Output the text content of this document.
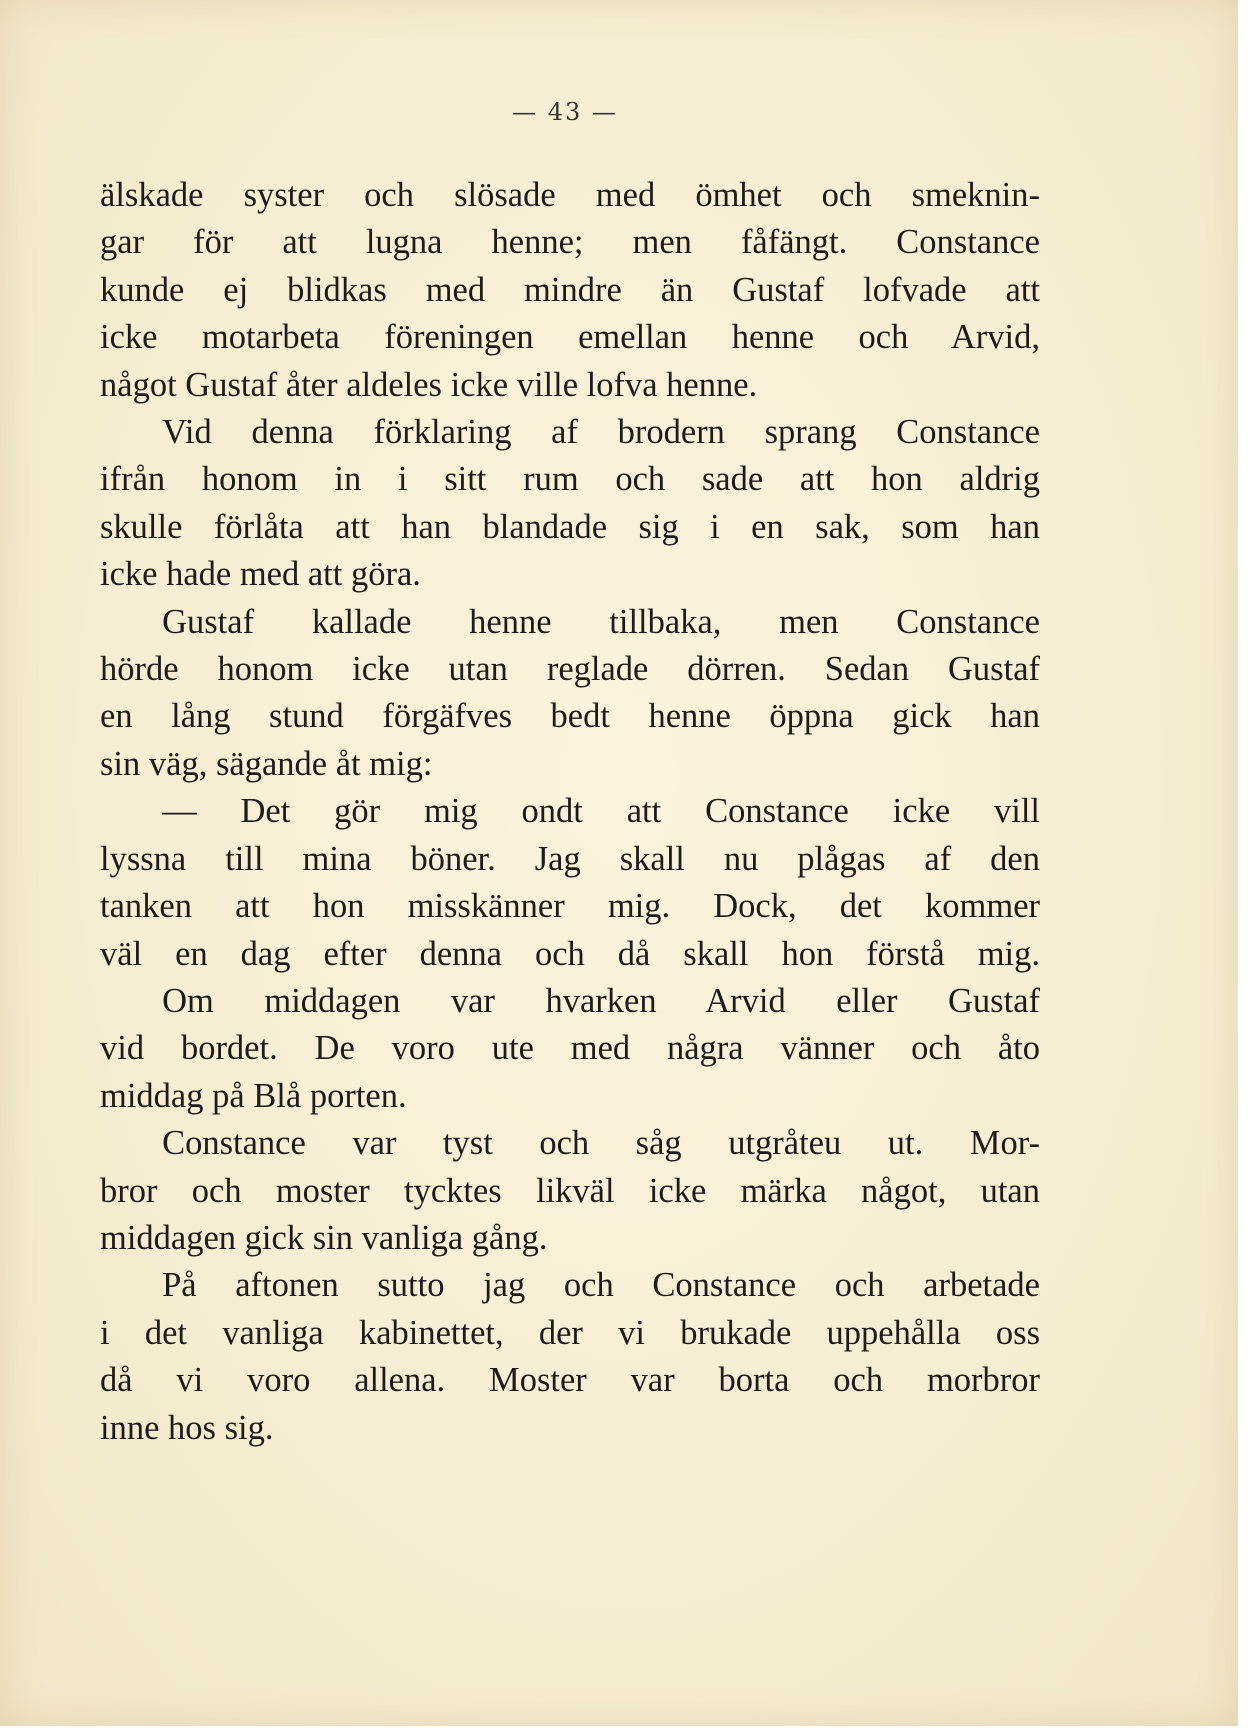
— 43 —
älskade syster och slösade med ömhet och smeknin-
gar för att lugna henne; men fåfängt. Constance
kunde ej blidkas med mindre än Gustaf lofvade att
icke motarbeta föreningen emellan henne och Arvid,
något Gustaf åter aldeles icke ville lofva henne.
Vid denna förklaring af brodern sprang Constance
ifrån honom in i sitt rum och sade att hon aldrig
skulle förlåta att han blandade sig i en sak, som han
icke hade med att göra.
Gustaf kallade henne tillbaka, men Constance
hörde honom icke utan reglade dörren. Sedan Gustaf
en lång stund förgäfves bedt henne öppna gick han
sin väg, sägande åt mig:
— Det gör mig ondt att Constance icke vill
lyssna till mina böner. Jag skall nu plågas af den
tanken att hon misskänner mig. Dock, det kommer
väl en dag efter denna och då skall hon förstå mig.
Om middagen var hvarken Arvid eller Gustaf
vid bordet. De voro ute med några vänner och åto
middag på Blå porten.
Constance var tyst och såg utgråteu ut. Mor-
bror och moster tycktes likväl icke märka något, utan
middagen gick sin vanliga gång.
På aftonen sutto jag och Constance och arbetade
i det vanliga kabinettet, der vi brukade uppehålla oss
då vi voro allena. Moster var borta och morbror
inne hos sig.
